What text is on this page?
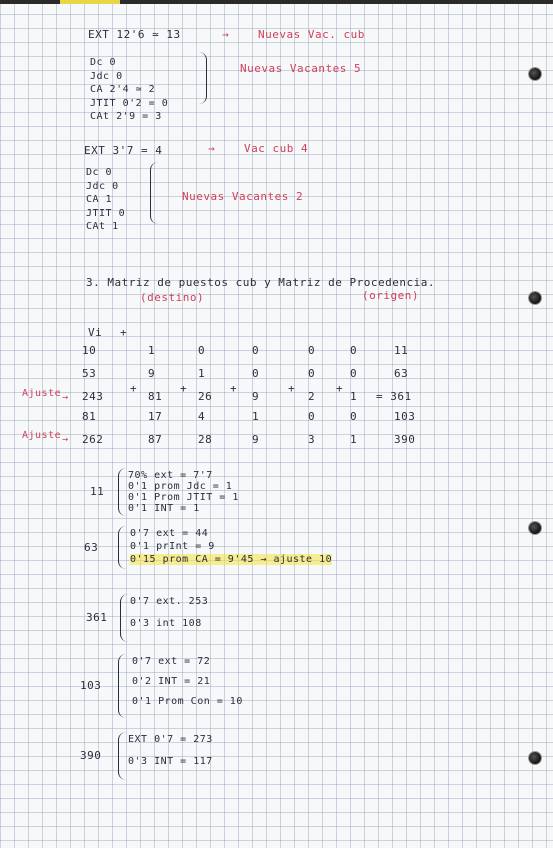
EXT 12'6 ≃ 13	→	Nuevas Vac. cub
Dc 0
Jdc 0
CA 2'4 ≃ 2
JTIT 0'2 = 0
CAt 2'9 = 3
Nuevas Vacantes 5
EXT 3'7 = 4	→	Vac cub 4
Dc 0
Jdc 0
CA 1
JTIT 0
CAt 1
Nuevas Vacantes 2
3. Matriz de puestos cub y Matriz de Procedencia.
(destino)	(origen)
Vi +
10	1	0	0	0	0	11
53	9	1	0	0	0	63
243	81	26	9	2	1 = 361
81	17	4	1	0	0	103
262	87	28	9	3	1	390
+	+	+	+	+
→
→
Ajuste
Ajuste
11
70% ext = 7'7
0'1 prom Jdc = 1
0'1 Prom JTIT = 1
0'1 INT = 1
63
0'7 ext = 44
0'1 prInt = 9
0'15 prom CA = 9'45 → ajuste 10
361
0'7 ext. 253
0'3 int 108
103
0'7 ext = 72
0'2 INT = 21
0'1 Prom Con = 10
390
EXT 0'7 = 273
0'3 INT = 117
